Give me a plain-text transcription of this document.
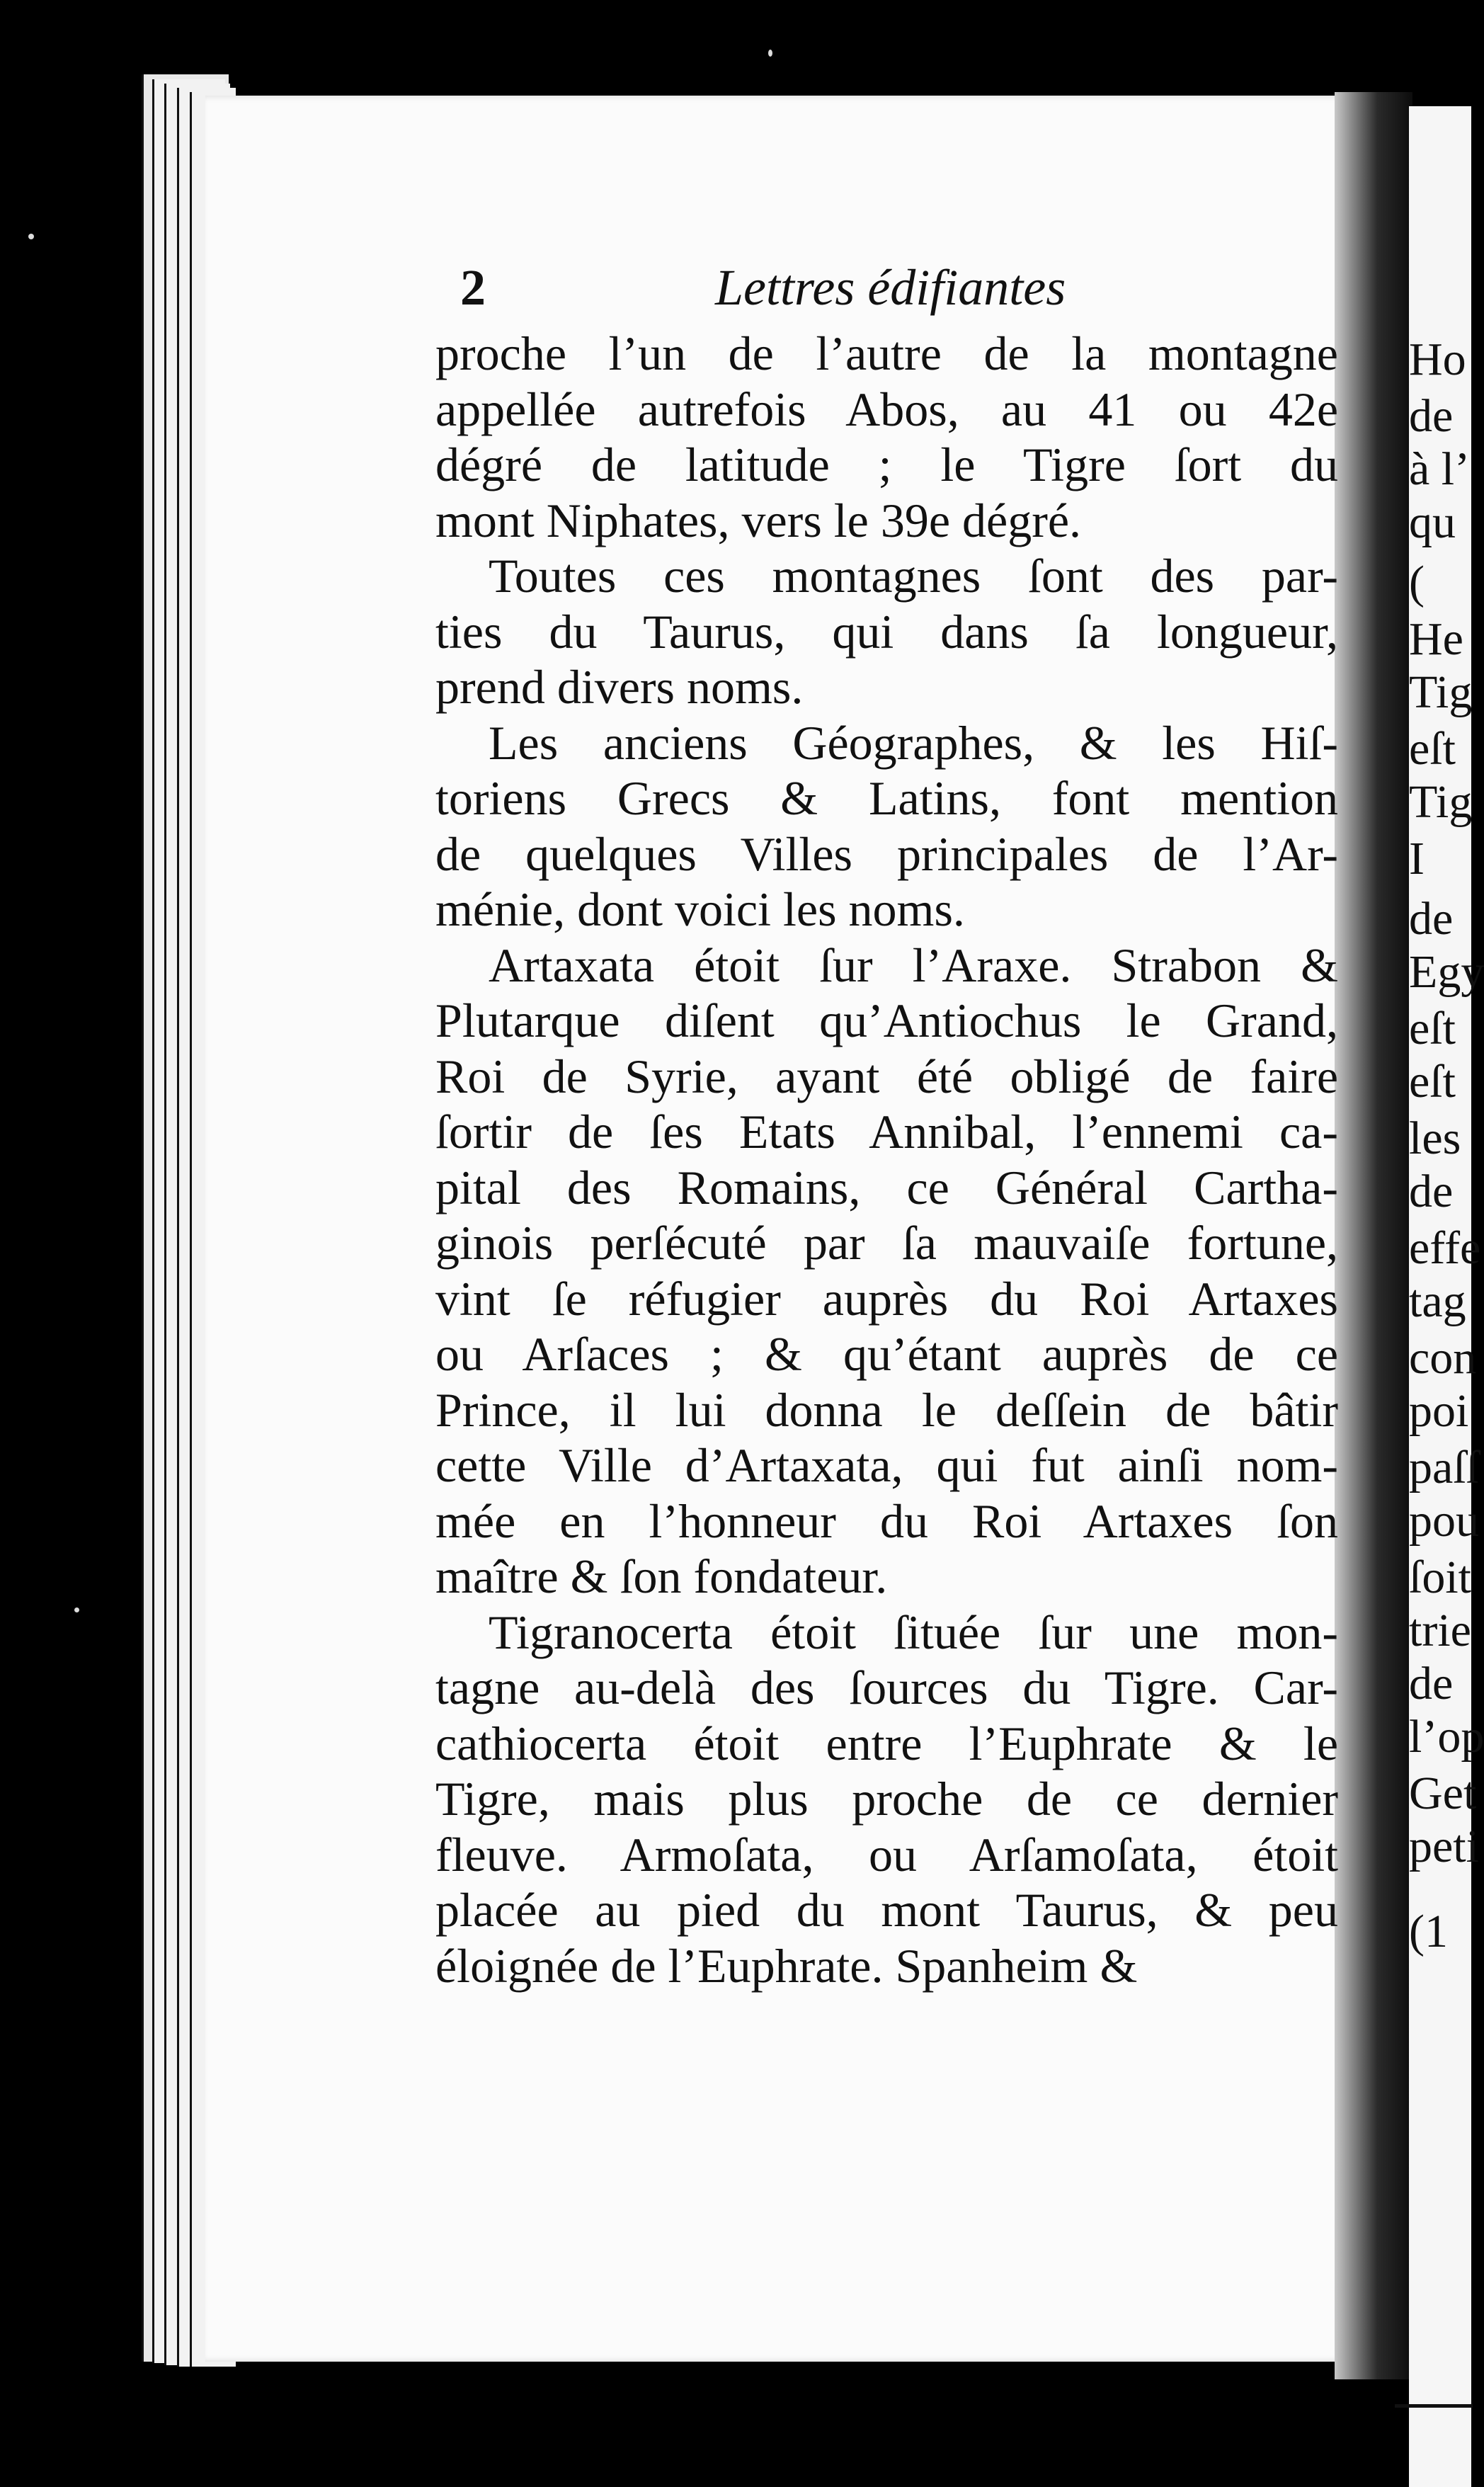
Ho
de
à l’
qu
(
He
Tig
eſt
Tig
I
de
Egy
eſt
eſt
les
de
effe
tag
con
poi
paſſ
pou
ſoit
trie
de
l’op
Get
peti
(1
2	Lettres édifiantes
proche l’un de l’autre de la montagne
appellée autrefois Abos, au 41 ou 42e
dégré de latitude ; le Tigre ſort du
mont Niphates, vers le 39e dégré.
Toutes ces montagnes ſont des par-
ties du Taurus, qui dans ſa longueur,
prend divers noms.
Les anciens Géographes, & les Hiſ-
toriens Grecs & Latins, font mention
de quelques Villes principales de l’Ar-
ménie, dont voici les noms.
Artaxata étoit ſur l’Araxe. Strabon &
Plutarque diſent qu’Antiochus le Grand,
Roi de Syrie, ayant été obligé de faire
ſortir de ſes Etats Annibal, l’ennemi ca-
pital des Romains, ce Général Cartha-
ginois perſécuté par ſa mauvaiſe fortune,
vint ſe réfugier auprès du Roi Artaxes
ou Arſaces ; & qu’étant auprès de ce
Prince, il lui donna le deſſein de bâtir
cette Ville d’Artaxata, qui fut ainſi nom-
mée en l’honneur du Roi Artaxes ſon
maître & ſon fondateur.
Tigranocerta étoit ſituée ſur une mon-
tagne au-delà des ſources du Tigre. Car-
cathiocerta étoit entre l’Euphrate & le
Tigre, mais plus proche de ce dernier
fleuve. Armoſata, ou Arſamoſata, étoit
placée au pied du mont Taurus, & peu
éloignée de l’Euphrate. Spanheim &
